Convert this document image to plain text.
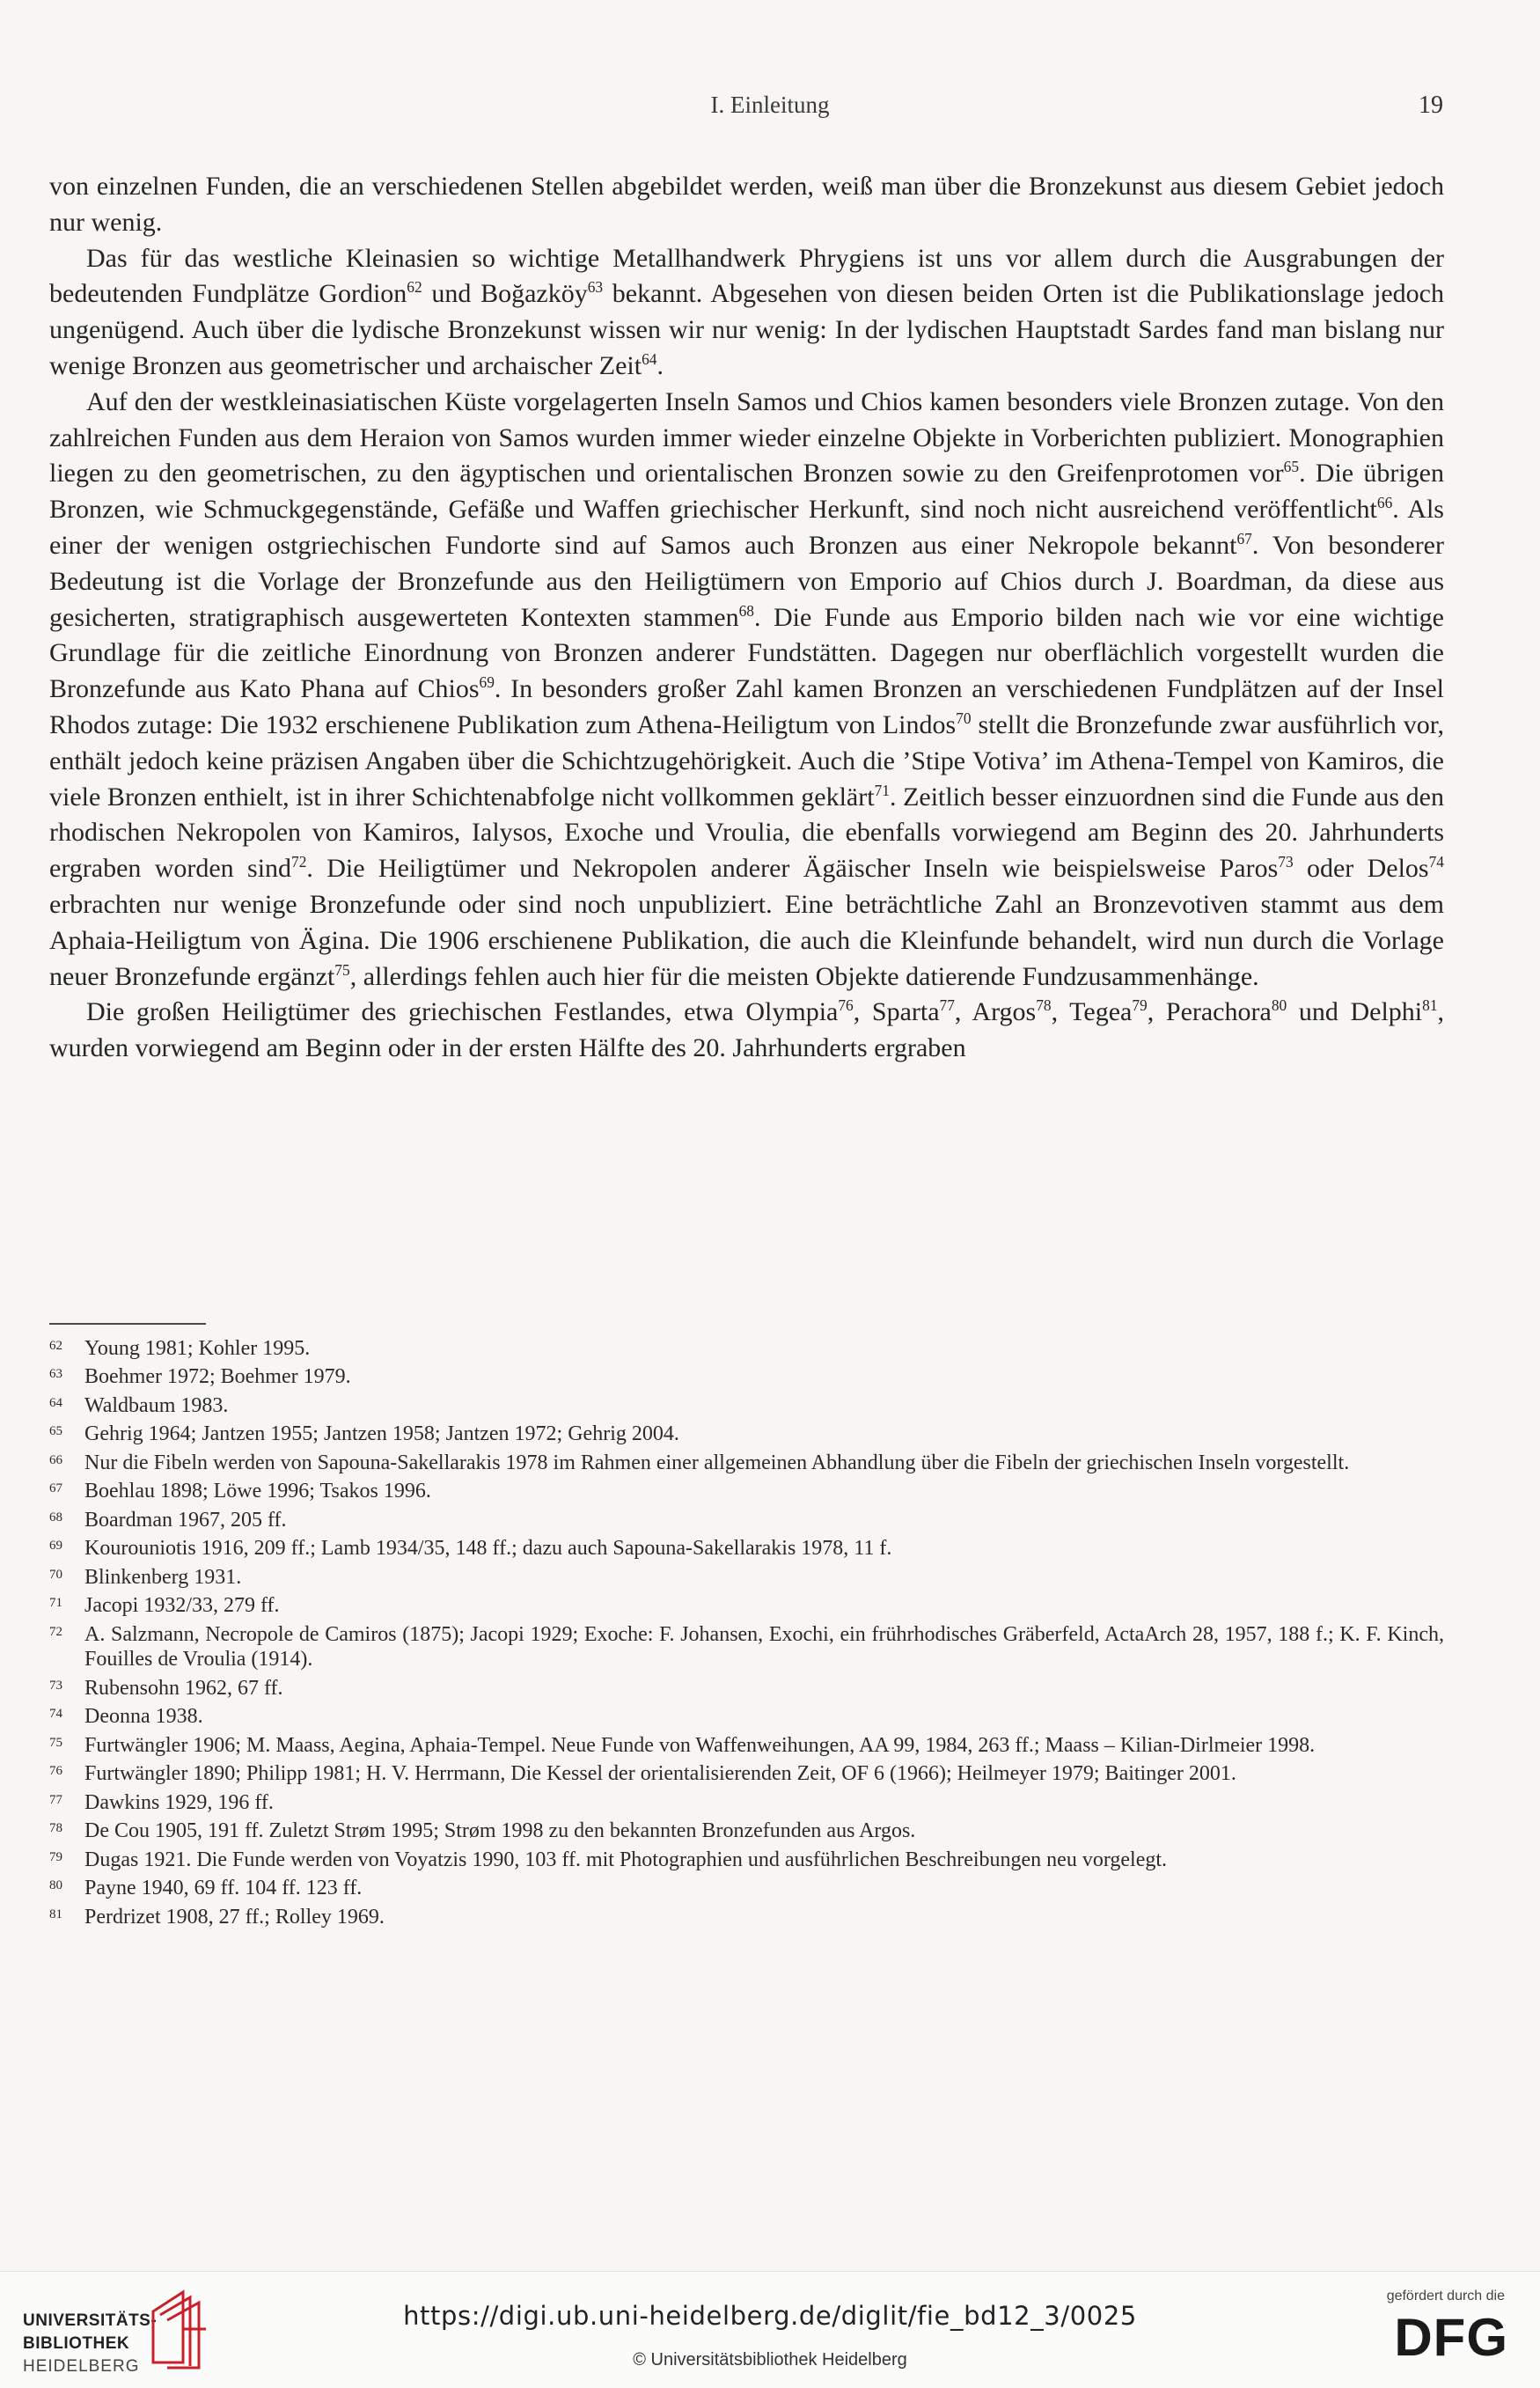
I. Einleitung	19

von einzelnen Funden, die an verschiedenen Stellen abgebildet werden, weiß man über die Bronzekunst aus diesem Gebiet jedoch nur wenig.

Das für das westliche Kleinasien so wichtige Metallhandwerk Phrygiens ist uns vor allem durch die Ausgrabungen der bedeutenden Fundplätze Gordion$^{62}$ und Boğazköy$^{63}$ bekannt. Abgesehen von diesen beiden Orten ist die Publikationslage jedoch ungenügend. Auch über die lydische Bronzekunst wissen wir nur wenig: In der lydischen Hauptstadt Sardes fand man bislang nur wenige Bronzen aus geometrischer und archaischer Zeit$^{64}$.

Auf den der westkleinasiatischen Küste vorgelagerten Inseln Samos und Chios kamen besonders viele Bronzen zutage. Von den zahlreichen Funden aus dem Heraion von Samos wurden immer wieder einzelne Objekte in Vorberichten publiziert. Monographien liegen zu den geometrischen, zu den ägyptischen und orientalischen Bronzen sowie zu den Greifenprotomen vor$^{65}$. Die übrigen Bronzen, wie Schmuckgegenstände, Gefäße und Waffen griechischer Herkunft, sind noch nicht ausreichend veröffentlicht$^{66}$. Als einer der wenigen ostgriechischen Fundorte sind auf Samos auch Bronzen aus einer Nekropole bekannt$^{67}$. Von besonderer Bedeutung ist die Vorlage der Bronzefunde aus den Heiligtümern von Emporio auf Chios durch J. Boardman, da diese aus gesicherten, stratigraphisch ausgewerteten Kontexten stammen$^{68}$. Die Funde aus Emporio bilden nach wie vor eine wichtige Grundlage für die zeitliche Einordnung von Bronzen anderer Fundstätten. Dagegen nur oberflächlich vorgestellt wurden die Bronzefunde aus Kato Phana auf Chios$^{69}$. In besonders großer Zahl kamen Bronzen an verschiedenen Fundplätzen auf der Insel Rhodos zutage: Die 1932 erschienene Publikation zum Athena-Heiligtum von Lindos$^{70}$ stellt die Bronzefunde zwar ausführlich vor, enthält jedoch keine präzisen Angaben über die Schichtzugehörigkeit. Auch die ’Stipe Votiva’ im Athena-Tempel von Kamiros, die viele Bronzen enthielt, ist in ihrer Schichtenabfolge nicht vollkommen geklärt$^{71}$. Zeitlich besser einzuordnen sind die Funde aus den rhodischen Nekropolen von Kamiros, Ialysos, Exoche und Vroulia, die ebenfalls vorwiegend am Beginn des 20. Jahrhunderts ergraben worden sind$^{72}$. Die Heiligtümer und Nekropolen anderer Ägäischer Inseln wie beispielsweise Paros$^{73}$ oder Delos$^{74}$ erbrachten nur wenige Bronzefunde oder sind noch unpubliziert. Eine beträchtliche Zahl an Bronzevotiven stammt aus dem Aphaia-Heiligtum von Ägina. Die 1906 erschienene Publikation, die auch die Kleinfunde behandelt, wird nun durch die Vorlage neuer Bronzefunde ergänzt$^{75}$, allerdings fehlen auch hier für die meisten Objekte datierende Fundzusammenhänge.

Die großen Heiligtümer des griechischen Festlandes, etwa Olympia$^{76}$, Sparta$^{77}$, Argos$^{78}$, Tegea$^{79}$, Perachora$^{80}$ und Delphi$^{81}$, wurden vorwiegend am Beginn oder in der ersten Hälfte des 20. Jahrhunderts ergraben

62 Young 1981; Kohler 1995.
63 Boehmer 1972; Boehmer 1979.
64 Waldbaum 1983.
65 Gehrig 1964; Jantzen 1955; Jantzen 1958; Jantzen 1972; Gehrig 2004.
66 Nur die Fibeln werden von Sapouna-Sakellarakis 1978 im Rahmen einer allgemeinen Abhandlung über die Fibeln der griechischen Inseln vorgestellt.
67 Boehlau 1898; Löwe 1996; Tsakos 1996.
68 Boardman 1967, 205 ff.
69 Kourouniotis 1916, 209 ff.; Lamb 1934/35, 148 ff.; dazu auch Sapouna-Sakellarakis 1978, 11 f.
70 Blinkenberg 1931.
71 Jacopi 1932/33, 279 ff.
72 A. Salzmann, Necropole de Camiros (1875); Jacopi 1929; Exoche: F. Johansen, Exochi, ein frührhodisches Gräberfeld, ActaArch 28, 1957, 188 f.; K. F. Kinch, Fouilles de Vroulia (1914).
73 Rubensohn 1962, 67 ff.
74 Deonna 1938.
75 Furtwängler 1906; M. Maass, Aegina, Aphaia-Tempel. Neue Funde von Waffenweihungen, AA 99, 1984, 263 ff.; Maass – Kilian-Dirlmeier 1998.
76 Furtwängler 1890; Philipp 1981; H. V. Herrmann, Die Kessel der orientalisierenden Zeit, OF 6 (1966); Heilmeyer 1979; Baitinger 2001.
77 Dawkins 1929, 196 ff.
78 De Cou 1905, 191 ff. Zuletzt Strøm 1995; Strøm 1998 zu den bekannten Bronzefunden aus Argos.
79 Dugas 1921. Die Funde werden von Voyatzis 1990, 103 ff. mit Photographien und ausführlichen Beschreibungen neu vorgelegt.
80 Payne 1940, 69 ff. 104 ff. 123 ff.
81 Perdrizet 1908, 27 ff.; Rolley 1969.
UNIVERSITÄTS-
BIBLIOTHEK
HEIDELBERG
https://digi.ub.uni-heidelberg.de/diglit/fie_bd12_3/0025
© Universitätsbibliothek Heidelberg
gefördert durch die
DFG
